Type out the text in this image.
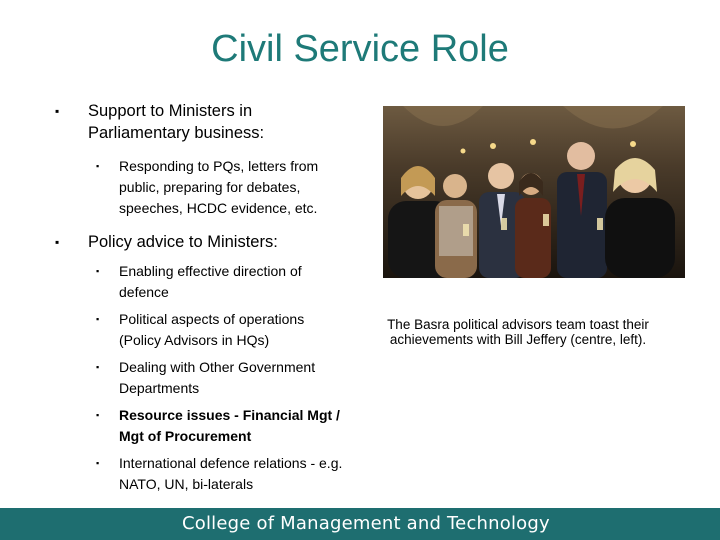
Civil Service Role
▪ Support to Ministers in Parliamentary business:
▪ Responding to PQs, letters from public, preparing for debates, speeches, HCDC evidence, etc.
▪ Policy advice to Ministers:
▪ Enabling effective direction of defence
▪ Political aspects of operations (Policy Advisors in HQs)
▪ Dealing with Other Government Departments
▪ Resource issues - Financial Mgt / Mgt of Procurement
▪ International defence relations - e.g. NATO, UN, bi-laterals
The Basra political advisors team toast their achievements with Bill Jeffery (centre, left).
College of Management and Technology
